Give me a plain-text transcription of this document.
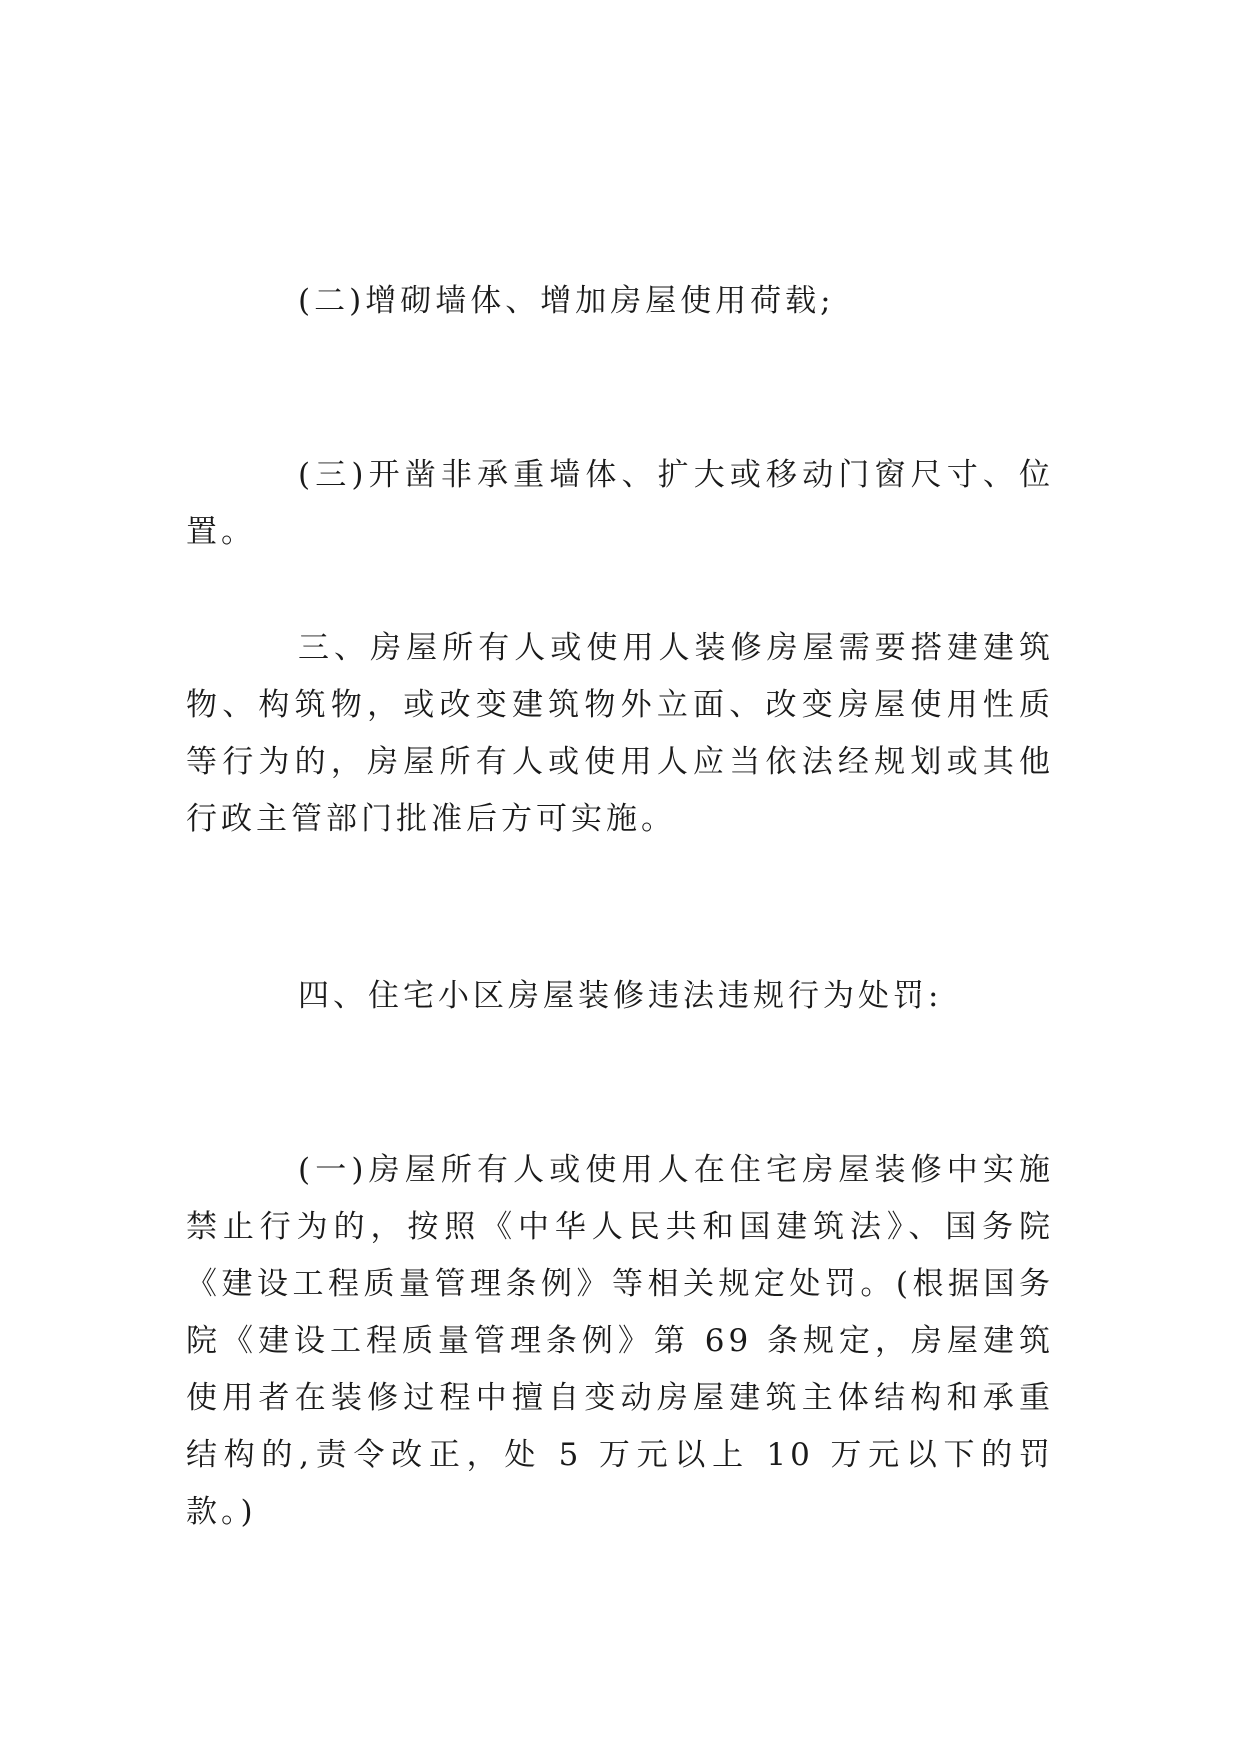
(二)增砌墙体、增加房屋使用荷载;

(三)开凿非承重墙体、扩大或移动门窗尺寸、位置。

三、房屋所有人或使用人装修房屋需要搭建建筑物、构筑物，或改变建筑物外立面、改变房屋使用性质等行为的，房屋所有人或使用人应当依法经规划或其他行政主管部门批准后方可实施。

四、住宅小区房屋装修违法违规行为处罚:

(一)房屋所有人或使用人在住宅房屋装修中实施禁止行为的，按照《中华人民共和国建筑法》、国务院《建设工程质量管理条例》等相关规定处罚。(根据国务院《建设工程质量管理条例》第 69 条规定，房屋建筑使用者在装修过程中擅自变动房屋建筑主体结构和承重结构的,责令改正，处 5 万元以上 10 万元以下的罚款。)
